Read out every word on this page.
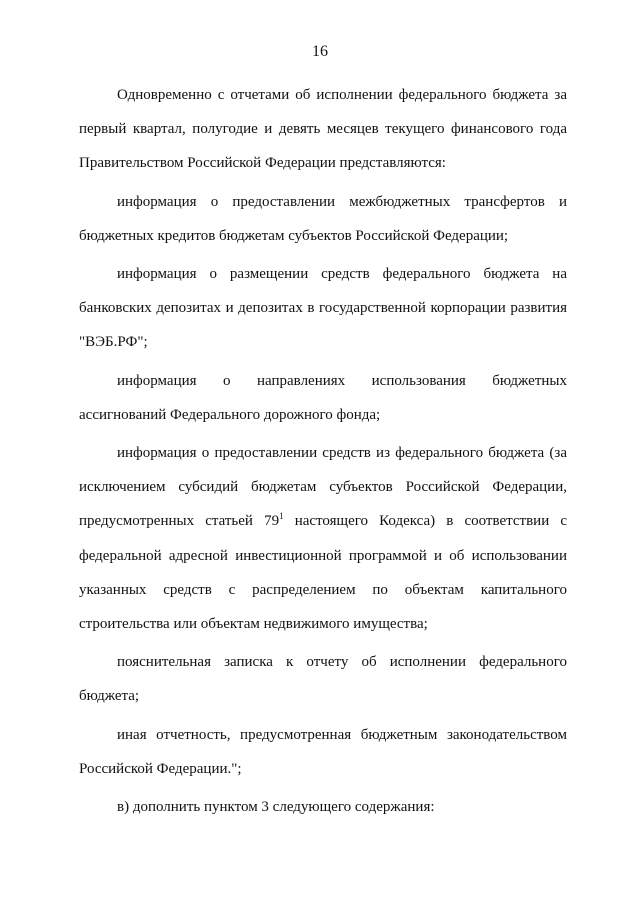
16

Одновременно с отчетами об исполнении федерального бюджета за первый квартал, полугодие и девять месяцев текущего финансового года Правительством Российской Федерации представляются:

информация о предоставлении межбюджетных трансфертов и бюджетных кредитов бюджетам субъектов Российской Федерации;

информация о размещении средств федерального бюджета на банковских депозитах и депозитах в государственной корпорации развития "ВЭБ.РФ";

информация о направлениях использования бюджетных ассигнований Федерального дорожного фонда;

информация о предоставлении средств из федерального бюджета (за исключением субсидий бюджетам субъектов Российской Федерации, предусмотренных статьей $79^1$ настоящего Кодекса) в соответствии с федеральной адресной инвестиционной программой и об использовании указанных средств с распределением по объектам капитального строительства или объектам недвижимого имущества;

пояснительная записка к отчету об исполнении федерального бюджета;

иная отчетность, предусмотренная бюджетным законодательством Российской Федерации.";

в) дополнить пунктом 3 следующего содержания:
